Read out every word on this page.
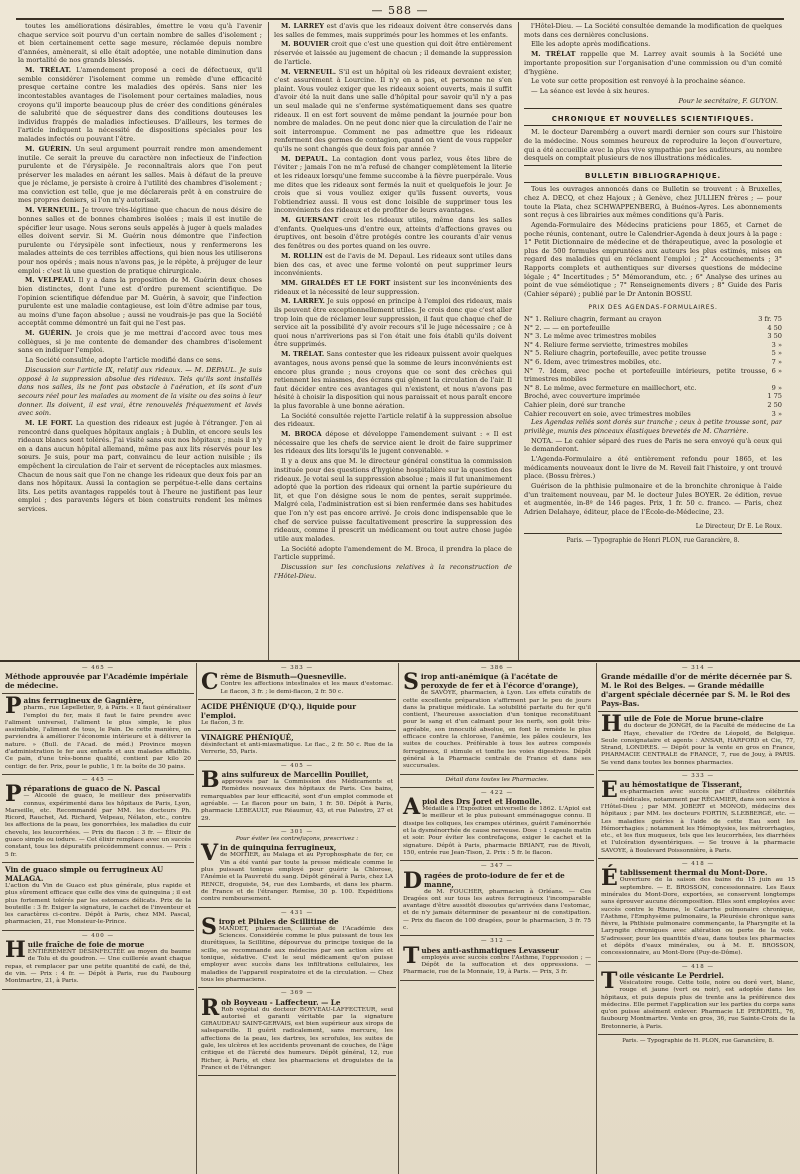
— 588 —

toutes les améliorations désirables, émettre le vœu qu'à l'avenir chaque service soit pourvu d'un certain nombre de salles d'isolement ; et bien certainement cette sage mesure, réclamée depuis nombre d'années, amènerait, si elle était adoptée, une notable diminution dans la mortalité de nos grands blessés.

M. TRÉLAT. L'amendement proposé a ceci de défectueux, qu'il semble considérer l'isolement comme un remède d'une efficacité presque certaine contre les maladies des opérés. Sans nier les incontestables avantages de l'isolement pour certaines maladies, nous croyons qu'il importe beaucoup plus de créer des conditions générales de salubrité que de séquestrer dans des conditions douteuses les individus frappés de maladies infectieuses. D'ailleurs, les termes de l'article indiquent la nécessité de dispositions spéciales pour les malades infectés ou pouvant l'être.

M. GUÉRIN. Un seul argument pourrait rendre mon amendement inutile. Ce serait la preuve du caractère non infectieux de l'infection purulente et de l'érysipèle. Je reconnaîtrais alors que l'on peut préserver les malades en aérant les salles. Mais à défaut de la preuve que je réclame, je persiste à croire à l'utilité des chambres d'isolement ; ma conviction est telle, que je me déclarerais prêt à en construire de mes propres deniers, si l'on m'y autorisait.

M. VERNEUIL. Je trouve très-légitime que chacun de nous désire de bonnes salles et de bonnes chambres isolées ; mais il est inutile de spécifier leur usage. Nous serons seuls appelés à juger à quels malades elles doivent servir. Si M. Guérin nous démontre que l'infection purulente ou l'érysipèle sont infectieux, nous y renfermerons les malades atteints de ces terribles affections, qui bien nous les utiliserons pour nos opérés ; mais nous n'avons pas, je le répète, à préjuger de leur emploi : c'est là une question de pratique chirurgicale.

M. VELPEAU. Il y a dans la proposition de M. Guérin deux choses bien distinctes, dont l'une est d'ordre purement scientifique. De l'opinion scientifique défendue par M. Guérin, à savoir, que l'infection purulente est une maladie contagieuse, est loin d'être admise par tous, au moins d'une façon absolue ; aussi ne voudrais-je pas que la Société acceptât comme démontré un fait qui ne l'est pas.

M. GUÉRIN. Je crois que je me mettrai d'accord avec tous mes collègues, si je me contente de demander des chambres d'isolement sans en indiquer l'emploi.

La Société consultée, adopte l'article modifié dans ce sens.

Discussion sur l'article IX, relatif aux rideaux. — M. DEPAUL. Je suis opposé à la suppression absolue des rideaux. Tels qu'ils sont installés dans nos salles, ils ne font pas obstacle à l'aération, et ils sont d'un secours réel pour les malades au moment de la visite ou des soins à leur donner. Ils doivent, il est vrai, être renouvelés fréquemment et lavés avec soin.

M. LE FORT. La question des rideaux est jugée à l'étranger. J'en ai rencontré dans quelques hôpitaux anglais ; à Dublin, et encore seuls les rideaux blancs sont tolérés. J'ai visité sans eux nos hôpitaux ; mais il n'y en a dans aucun hôpital allemand, même pas aux lits réservés pour les sœurs. Je suis, pour ma part, convaincu de leur action nuisible ; ils empêchent la circulation de l'air et servent de réceptacles aux miasmes. Chacun de nous sait que l'on ne change les rideaux que deux fois par an dans nos hôpitaux. Aussi la contagion se perpétue-t-elle dans certains lits. Les petits avantages rappelés tout à l'heure ne justifient pas leur emploi ; des paravents légers et bien construits rendent les mêmes services.

M. LARREY est d'avis que les rideaux doivent être conservés dans les salles de femmes, mais supprimés pour les hommes et les enfants.

M. BOUVIER croit que c'est une question qui doit être entièrement réservée et laissée au jugement de chacun ; il demande la suppression de l'article.

M. VERNEUIL. S'il est un hôpital où les rideaux devraient exister, c'est assurément à Lourcine. Il n'y en a pas, et personne ne s'en plaint. Vous voulez exiger que les rideaux soient ouverts, mais il suffit d'avoir été la nuit dans une salle d'hôpital pour savoir qu'il n'y a pas un seul malade qui ne s'enferme systématiquement dans ses quatre rideaux. Il en est fort souvent de même pendant la journée pour bon nombre de malades. On ne peut donc nier que la circulation de l'air ne soit interrompue. Comment ne pas admettre que les rideaux renferment des germes de contagion, quand on vient de vous rappeler qu'ils ne sont changés que deux fois par année ?

M. DEPAUL. La contagion dont vous parlez, vous êtes libre de l'éviter ; jamais l'on ne m'a refusé de changer complètement la literie et les rideaux lorsqu'une femme succombe à la fièvre puerpérale. Vous me dites que les rideaux sont fermés la nuit et quelquefois le jour. Je crois que si vous vouliez exiger qu'ils fussent ouverts, vous l'obtiendriez aussi. Il vous est donc loisible de supprimer tous les inconvénients des rideaux et de profiter de leurs avantages.

M. GUERSANT croit les rideaux utiles, même dans les salles d'enfants. Quelques-uns d'entre eux, atteints d'affections graves ou éruptives, ont besoin d'être protégés contre les courants d'air venus des fenêtres ou des portes quand on les ouvre.

M. ROLLIN est de l'avis de M. Depaul. Les rideaux sont utiles dans bien des cas, et avec une ferme volonté on peut supprimer leurs inconvénients.

MM. GIRALDÈS ET LE FORT insistent sur les inconvénients des rideaux et la nécessité de leur suppression.

M. LARREY. Je suis opposé en principe à l'emploi des rideaux, mais ils peuvent être exceptionnellement utiles. Je crois donc que c'est aller trop loin que de réclamer leur suppression, il faut que chaque chef de service ait la possibilité d'y avoir recours s'il le juge nécessaire ; ce à quoi nous n'arriverions pas si l'on était une fois établi qu'ils doivent être supprimés.

M. TRÉLAT. Sans contester que les rideaux puissent avoir quelques avantages, nous avons pensé que la somme de leurs inconvénients est encore plus grande ; nous croyons que ce sont des crèches qui retiennent les miasmes, des écrans qui gênent la circulation de l'air. Il faut décider entre ces avantages qui n'existent, et nous n'avons pas hésité à choisir la disposition qui nous paraissait et nous paraît encore la plus favorable à une bonne aération.

La Société consultée rejette l'article relatif à la suppression absolue des rideaux.

M. BROCA dépose et développe l'amendement suivant : « Il est nécessaire que les chefs de service aient le droit de faire supprimer les rideaux des lits lorsqu'ils le jugent convenable. »

Il y a deux ans que M. le directeur général constitua la commission instituée pour des questions d'hygiène hospitalière sur la question des rideaux. Je votai seul la suppression absolue ; mais il fut unanimement adopté que la portion des rideaux qui ornent la partie supérieure du lit, et que l'on désigne sous le nom de pentes, serait supprimée. Malgré cela, l'administration est si bien renfermée dans ses habitudes que l'on n'y est pas encore arrivé. Je crois donc indispensable que le chef de service puisse facultativement prescrire la suppression des rideaux, comme il prescrit un médicament ou tout autre chose jugée utile aux malades.

La Société adopte l'amendement de M. Broca, il prendra la place de l'article supprimé.

Discussion sur les conclusions relatives à la reconstruction de l'Hôtel-Dieu.

l'Hôtel-Dieu. — La Société consultée demande la modification de quelques mots dans ces dernières conclusions.

Elle les adopte après modifications.

M. TRÉLAT rappelle que M. Larrey avait soumis à la Société une importante proposition sur l'organisation d'une commission ou d'un comité d'hygiène.

Le vote sur cette proposition est renvoyé à la prochaine séance.

— La séance est levée à six heures.

Pour le secrétaire, F. GUYON.
CHRONIQUE ET NOUVELLES SCIENTIFIQUES.

M. le docteur Darembérg a ouvert mardi dernier son cours sur l'histoire de la médecine. Nous sommes heureux de reproduire la leçon d'ouverture, qui a été accueillie avec la plus vive sympathie par les auditeurs, au nombre desquels on comptait plusieurs de nos illustrations médicales.

BULLETIN BIBLIOGRAPHIQUE.

Tous les ouvrages annoncés dans ce Bulletin se trouvent : à Bruxelles, chez A. DECQ, et chez Hajoux ; à Genève, chez JULLIEN frères ; — pour toute la Plata, chez SCHWAPPENBERG, à Buénos-Ayres. Les abonnements sont reçus à ces librairies aux mêmes conditions qu'à Paris.

Agenda-Formulaire des Médecins praticiens pour 1865, et Carnet de poche réunis, contenant, outre le Calendrier-Agenda à deux jours à la page : 1° Petit Dictionnaire de médecine et de thérapeutique, avec la posologie et plus de 500 formules empruntées aux auteurs les plus estimés, mises en regard des maladies qui en réclament l'emploi ; 2° Accouchements ; 3° Rapports complets et authentiques sur diverses questions de médecine légale ; 4° Incertitudes ; 5° Mémorandum, etc. ; 6° Analyse des urines au point de vue séméiotique ; 7° Renseignements divers ; 8° Guide des Paris (Cahier séparé) ; publié par le Dr Antonin BOSSU.

PRIX DES AGENDAS-FORMULAIRES.
N° 1. Reliure chagrin, fermant au crayon	3 fr. 75
N° 2. — — en portefeuille	4 50
N° 3. Le même avec trimestres mobiles	3 50
N° 4. Reliure ferme serviette, trimestres mobiles	3 »
N° 5. Reliure chagrin, portefeuille, avec petite trousse	5 »
N° 6. Idem, avec trimestres mobiles, etc.	7 »
N° 7. Idem, avec poche et portefeuille intérieurs, petite trousse, trimestres mobiles
6 »
N° 8. Le même, avec fermeture en maillechort, etc.	9 »
Broché, avec couverture imprimée	1 75
Cahier plein, doré sur tranche	2 50
Cahier recouvert en soie, avec trimestres mobiles	3 »

Les Agendas reliés sont dorés sur tranche ; ceux à petite trousse sont, par privilège, munis des pinceaux élastiques brevetés de M. Charrière.

NOTA. — Le cahier séparé des rues de Paris ne sera envoyé qu'à ceux qui le demanderont.

L'Agenda-Formulaire a été entièrement refondu pour 1865, et les médicaments nouveaux dont le livre de M. Reveil fait l'histoire, y ont trouvé place. (Bossu frères.)

Guérison de la phthisie pulmonaire et de la bronchite chronique à l'aide d'un traitement nouveau, par M. le docteur Jules BOYER. 2e édition, revue et augmentée, in-8º de 146 pages. Prix, 1 fr. 50 c. franco. — Paris, chez Adrien Delahaye, éditeur, place de l'École-de-Médecine, 23.

Le Directeur, Dr E. Le Roux.
Paris. — Typographie de Henri PLON, rue Garancière, 8.
— 465 —
Méthode approuvée par l'Académie impériale de médecine.
Pains ferrugineux de Gagnière,

pharm., rue Lepelletier, 9, à Paris. « Il faut généraliser l'emploi du fer, mais il faut le faire prendre avec l'aliment universel, l'aliment le plus simple, le plus assimilable, l'aliment de tous, le Pain. De cette manière, on parviendra à améliorer l'économie intérieure et à délivrer la nature. » (Bull. de l'Acad. de méd.) Province moyen d'administration le fer aux enfants et aux malades affaiblis. Ce pain, d'une très-bonne qualité, contient par kilo 20 centigr. de fer. Prix, pour le public, 1 fr. la boîte de 30 pains.

— 445 —
Préparations de guaco de N. Pascal

— Alcoolé de guaco, le meilleur des préservatifs connus, expérimenté dans les hôpitaux de Paris, Lyon, Marseille, etc. Recommandé par MM. les docteurs Ph. Ricord, Rauchet, Ad. Richard, Velpeau, Nélaton, etc., contre les affections de la peau, les gonorrhées, les maladies du cuir chevelu, les leucorrhées. — Prix du flacon : 3 fr. — Élixir de guaco simple ou iodure. — Cet élixir remplace avec un succès constant, tous les dépuratifs précédemment connus. — Prix : 5 fr.

Vin de guaco simple ou ferrugineux AU MALAGA.

L'action du Vin de Guaco est plus générale, plus rapide et plus sûrement efficace que celle des vins de quinquina ; il est plus fortement tolérés par les estomacs délicats. Prix de la bouteille : 3 fr. Exiger la signature, le cachet de l'inventeur et les caractères ci-contre. Dépôt à Paris, chez MM. Pascal, pharmacien, 21, rue Monsieur-le-Prince.

— 400 —
Huile fraîche de foie de morue

ENTIÈREMENT DÉSINFECTÉE au moyen du baume de Tolu et du goudron. — Une cuillerée avant chaque repas, et remplacer par une petite quantité de café, de thé, de vin. — Prix : 4 fr. — Dépôt à Paris, rue du Faubourg Montmartre, 21, à Paris.

— 383 —
Crème de Bismuth—Quesneville.

Contre les affections intestinales et les maux d'estomac. Le flacon, 3 fr. ; le demi-flacon, 2 fr. 50 c.

ACIDE PHÉNIQUE (D'Q.), liquide pour l'emploi.

Le flacon, 3 fr.

VINAIGRE PHÉNIQUÉ,

désinfectant et anti-miasmatique. Le flac., 2 fr. 50 c. Rue de la Verrerie, 55, Paris.

— 405 —
Bains sulfureux de Marcellin Pouillet,

approuvés par la Commission des Médicaments et Remèdes nouveaux des hôpitaux de Paris. Ces bains, remarquables par leur efficacité, sont d'un emploi commode et agréable. — Le flacon pour un bain, 1 fr. 50. Dépôt à Paris, pharmacie LEBEAULT, rue Réaumur, 43, et rue Palestro, 27 et 29.

— 301 —
Pour éviter les contrefaçons, prescrivez :
Vin de quinquina ferrugineux,

de MOITIER, au Malaga et au Pyrophosphate de fer, ce Vin a été vanté par toute la presse médicale comme le plus puissant tonique employé pour guérir la Chlorose, l'Anémie et la Pauvreté du sang. Dépôt général à Paris, chez LA RENCE, droguiste, 54, rue des Lombards, et dans les pharm. de France et de l'étranger. Remise, 30 p. 100. Expéditions contre remboursement.

— 431 —
Sirop et Pilules de Scillitine de

MANDET, pharmacien, lauréat de l'Académie des Sciences. Considérée comme le plus puissant de tous les diurétiques, la Scillitine, dépourvue du principe toxique de la scille, se recommande aux médecins par son action sûre et tonique, sédative. C'est le seul médicament qu'on puisse employer avec succès dans les infiltrations cellulaires, les maladies de l'appareil respiratoire et de la circulation. — Chez tous les pharmaciens.

— 369 —
Rob Boyveau - Laffecteur. — Le

Rob végétal du docteur BOYVEAU-LAFFECTEUR, seul autorisé et garanti véritable par la signature GIRAUDEAU SAINT-GERVAIS, est bien supérieur aux sirops de salsepareille. Il guérit radicalement, sans mercure, les affections de la peau, les dartres, les scrofules, les suites de gale, les ulcères et les accidents provenant de couches, de l'âge critique et de l'âcreté des humeurs. Dépôt général, 12, rue Richer, à Paris, et chez les pharmaciens et droguistes de la France et de l'étranger.

— 386 —
Sirop anti-anémique (à l'acétate de peroxyde de fer et à l'écorce d'orange),

de SAVOYE, pharmacien, à Lyon. Les effets curatifs de cette excellente préparation s'affirment par le peu de jours dans la pratique médicale. La solubilité parfaite du fer qu'il contient, l'heureuse association d'un tonique reconstituant pour le sang et d'un calmant pour les nerfs, son goût très-agréable, son innocuité absolue, en font le remède le plus efficace contre la chlorose, l'anémie, les pâles couleurs, les suites de couches. Préférable à tous les autres composés ferrugineux, il stimule et tonifie les voies digestives. Dépôt général à la Pharmacie centrale de France et dans ses succursales.

Détail dans toutes les Pharmacies.
— 422 —
Apiol des Drs Joret et Homolle.

Médaille à l'Exposition universelle de 1862. L'Apiol est le meilleur et le plus puissant emménagogue connu. Il dissipe les coliques, les crampes utérines, guérit l'aménorrhée et la dysménorrhée de cause nerveuse. Dose : 1 capsule matin et soir. Pour éviter les contrefaçons, exiger le cachet et la signature. Dépôt à Paris, pharmacie BRIANT, rue de Rivoli, 150, entrée rue Jean-Tison, 2. Prix : 5 fr. le flacon.

— 347 —
Dragées de proto-iodure de fer et de manne,

de M. FOUCHER, pharmacien à Orléans. — Ces Dragées ont sur tous les autres ferrugineux l'incomparable avantage d'être aussitôt dissoutes qu'arrivées dans l'estomac, et de n'y jamais déterminer de pesanteur ni de constipation. — Prix du flacon de 100 dragées, pour le pharmacien, 3 fr. 75 c.

— 312 —
Tubes anti-asthmatiques Levasseur

employés avec succès contre l'Asthme, l'oppression ; — Dépôt de la suffocation et des oppressions. — Pharmacie, rue de la Monnaie, 19, à Paris. — Prix, 3 fr.

— 314 —
Grande médaille d'or de mérite décernée par S. M. le Roi des Belges. — Grande médaille d'argent spéciale décernée par S. M. le Roi des Pays-Bas.
Huile de Foie de Morue brune-claire

du docteur de JONGH, de la Faculté de médecine de La Haye, chevalier de l'Ordre de Léopold, de Belgique. Seule consignataire et agents : ANSAR, HARFORD et Cie, 77, Strand, LONDRES. — Dépôt pour la vente en gros en France, PHARMACIE CENTRALE de FRANCE, 7, rue de Jouy, à PARIS. Se vend dans toutes les bonnes pharmacies.

— 333 —
Eau hémostatique de Tisserant,

ex-pharmacien avec succès par d'illustres célébrités médicales, notamment par RÉCAMIER, dans son service à l'Hôtel-Dieu ; par MM. JOBERT et MONOD, médecins des hôpitaux ; par MM. les docteurs FORTIN, S.LEBBERGÉ, etc. — Les maladies guéries à l'aide de cette Eau sont les Hémorrhagies ; notamment les Hémoptysies, les métrorrhagies, etc., et les flux muqueux, tels que les leucorrhées, les diarrhées et l'ulcération dysentériques. — Se trouve à la pharmacie SAVOYE, à Boulevard Poissonnière, à Paris.

— 418 —
Établissement thermal du Mont-Dore.

Ouverture de la saison des bains du 15 juin au 15 septembre. — E. BROSSON, concessionnaire. Les Eaux minérales du Mont-Dore, exportées, se conservent longtemps sans éprouver aucune décomposition. Elles sont employées avec succès contre le Rhume, le Catarrhe pulmonaire chronique, l'Asthme, l'Emphysème pulmonaire, la Pleurésie chronique sans fièvre, la Phthisie pulmonaire commençante, la Pharyngite et la Laryngite chroniques avec altération ou perte de la voix. S'adresser, pour les quantités d'eau, dans toutes les pharmacies et dépôts d'eaux minérales, ou à M. E. BROSSON, concessionnaire, au Mont-Dore (Puy-de-Dôme).

— 418 —
Toile vésicante Le Perdriel.

Vésicatoire rouge. Cette toile, noire ou doré vert, blanc, rouge et jaune (vert ou noir), est adoptée dans les hôpitaux, et puis depuis plus de trente ans la préférence des médecins. Elle permet l'application sur les parties du corps sans qu'on puisse aisément enlever. Pharmacie LE PERDRIEL, 76, faubourg Montmartre. Vente en gros, 36, rue Sainte-Croix de la Bretonnerie, à Paris.

Paris. — Typographie de H. PLON, rue Garancière, 8.
